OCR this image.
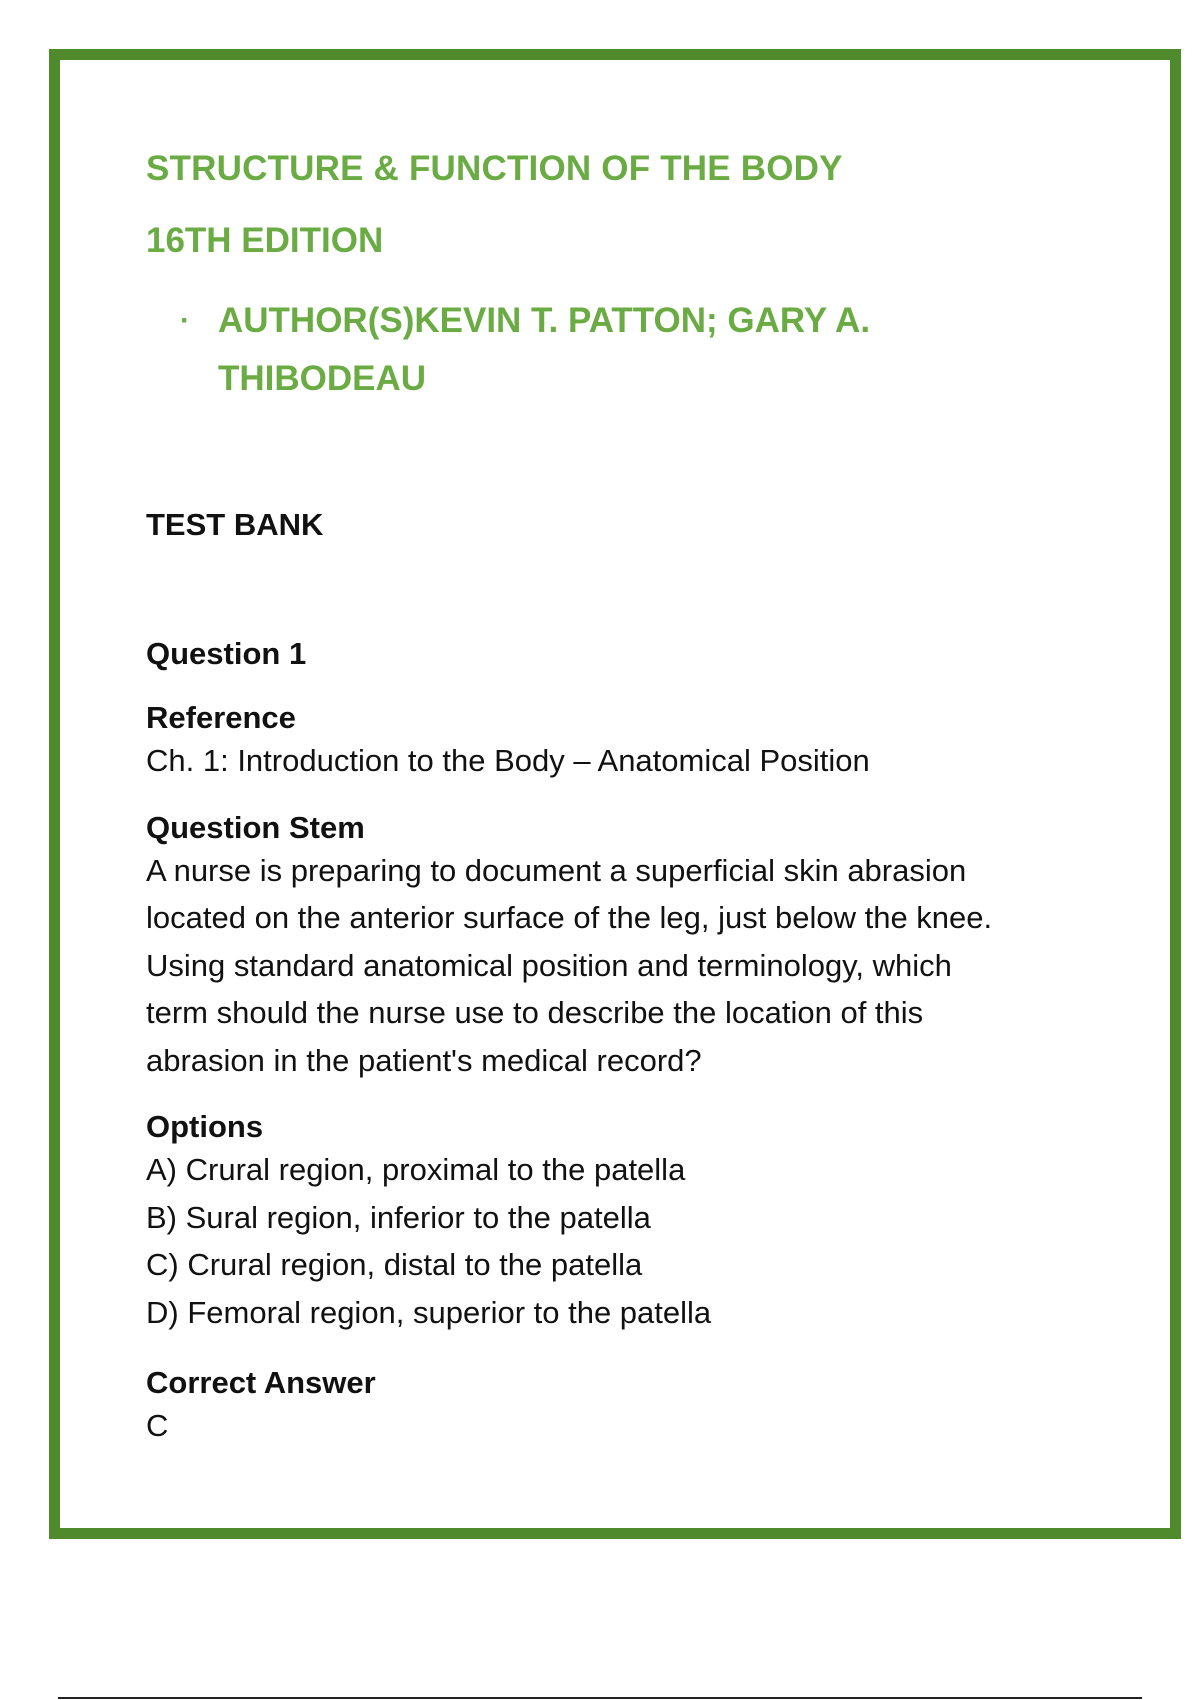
STRUCTURE & FUNCTION OF THE BODY
16TH EDITION
· AUTHOR(S)KEVIN T. PATTON; GARY A.
THIBODEAU
TEST BANK
Question 1
Reference
Ch. 1: Introduction to the Body – Anatomical Position
Question Stem
A nurse is preparing to document a superficial skin abrasion
located on the anterior surface of the leg, just below the knee.
Using standard anatomical position and terminology, which
term should the nurse use to describe the location of this
abrasion in the patient's medical record?
Options
A) Crural region, proximal to the patella
B) Sural region, inferior to the patella
C) Crural region, distal to the patella
D) Femoral region, superior to the patella
Correct Answer
C
